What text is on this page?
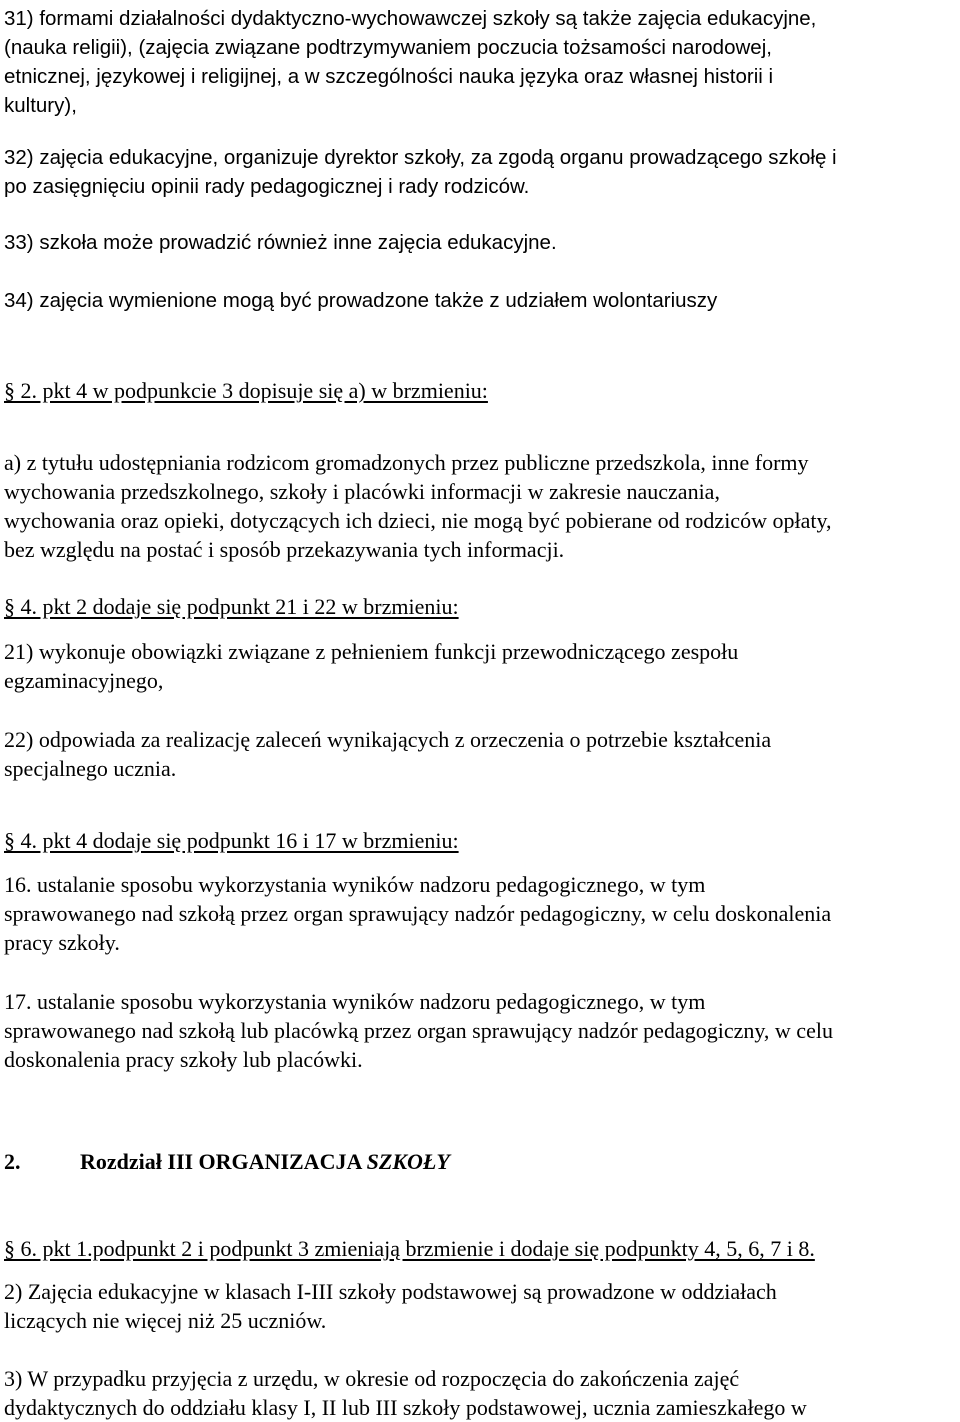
31) formami działalności dydaktyczno-wychowawczej szkoły są także zajęcia edukacyjne,
(nauka religii), (zajęcia związane podtrzymywaniem poczucia tożsamości narodowej,
etnicznej, językowej i religijnej, a w szczególności nauka języka oraz własnej historii i
kultury),
32) zajęcia edukacyjne, organizuje dyrektor szkoły, za zgodą organu prowadzącego szkołę i
po zasięgnięciu opinii rady pedagogicznej i rady rodziców.
33) szkoła może prowadzić również inne zajęcia edukacyjne.
34) zajęcia wymienione mogą być prowadzone także z udziałem wolontariuszy
§ 2. pkt 4 w podpunkcie 3 dopisuje się a) w brzmieniu:
a) z tytułu udostępniania rodzicom gromadzonych przez publiczne przedszkola, inne formy
wychowania przedszkolnego, szkoły i placówki informacji w zakresie nauczania,
wychowania oraz opieki, dotyczących ich dzieci, nie mogą być pobierane od rodziców opłaty,
bez względu na postać i sposób przekazywania tych informacji.
§ 4. pkt 2 dodaje się podpunkt 21 i 22 w brzmieniu:
21) wykonuje obowiązki związane z pełnieniem funkcji przewodniczącego zespołu
egzaminacyjnego,
22) odpowiada za realizację zaleceń wynikających z orzeczenia o potrzebie kształcenia
specjalnego ucznia.
§ 4. pkt 4 dodaje się podpunkt 16 i 17 w brzmieniu:
16. ustalanie sposobu wykorzystania wyników nadzoru pedagogicznego, w tym
sprawowanego nad szkołą przez organ sprawujący nadzór pedagogiczny, w celu doskonalenia
pracy szkoły.
17. ustalanie sposobu wykorzystania wyników nadzoru pedagogicznego, w tym
sprawowanego nad szkołą lub placówką przez organ sprawujący nadzór pedagogiczny, w celu
doskonalenia pracy szkoły lub placówki.
2.	Rozdział III ORGANIZACJA SZKOŁY
§ 6. pkt 1.podpunkt 2 i podpunkt 3 zmieniają brzmienie i dodaje się podpunkty 4, 5, 6, 7 i 8.
2) Zajęcia edukacyjne w klasach I-III szkoły podstawowej są prowadzone w oddziałach
liczących nie więcej niż 25 uczniów.
3) W przypadku przyjęcia z urzędu, w okresie od rozpoczęcia do zakończenia zajęć
dydaktycznych do oddziału klasy I, II lub III szkoły podstawowej, ucznia zamieszkałego w
